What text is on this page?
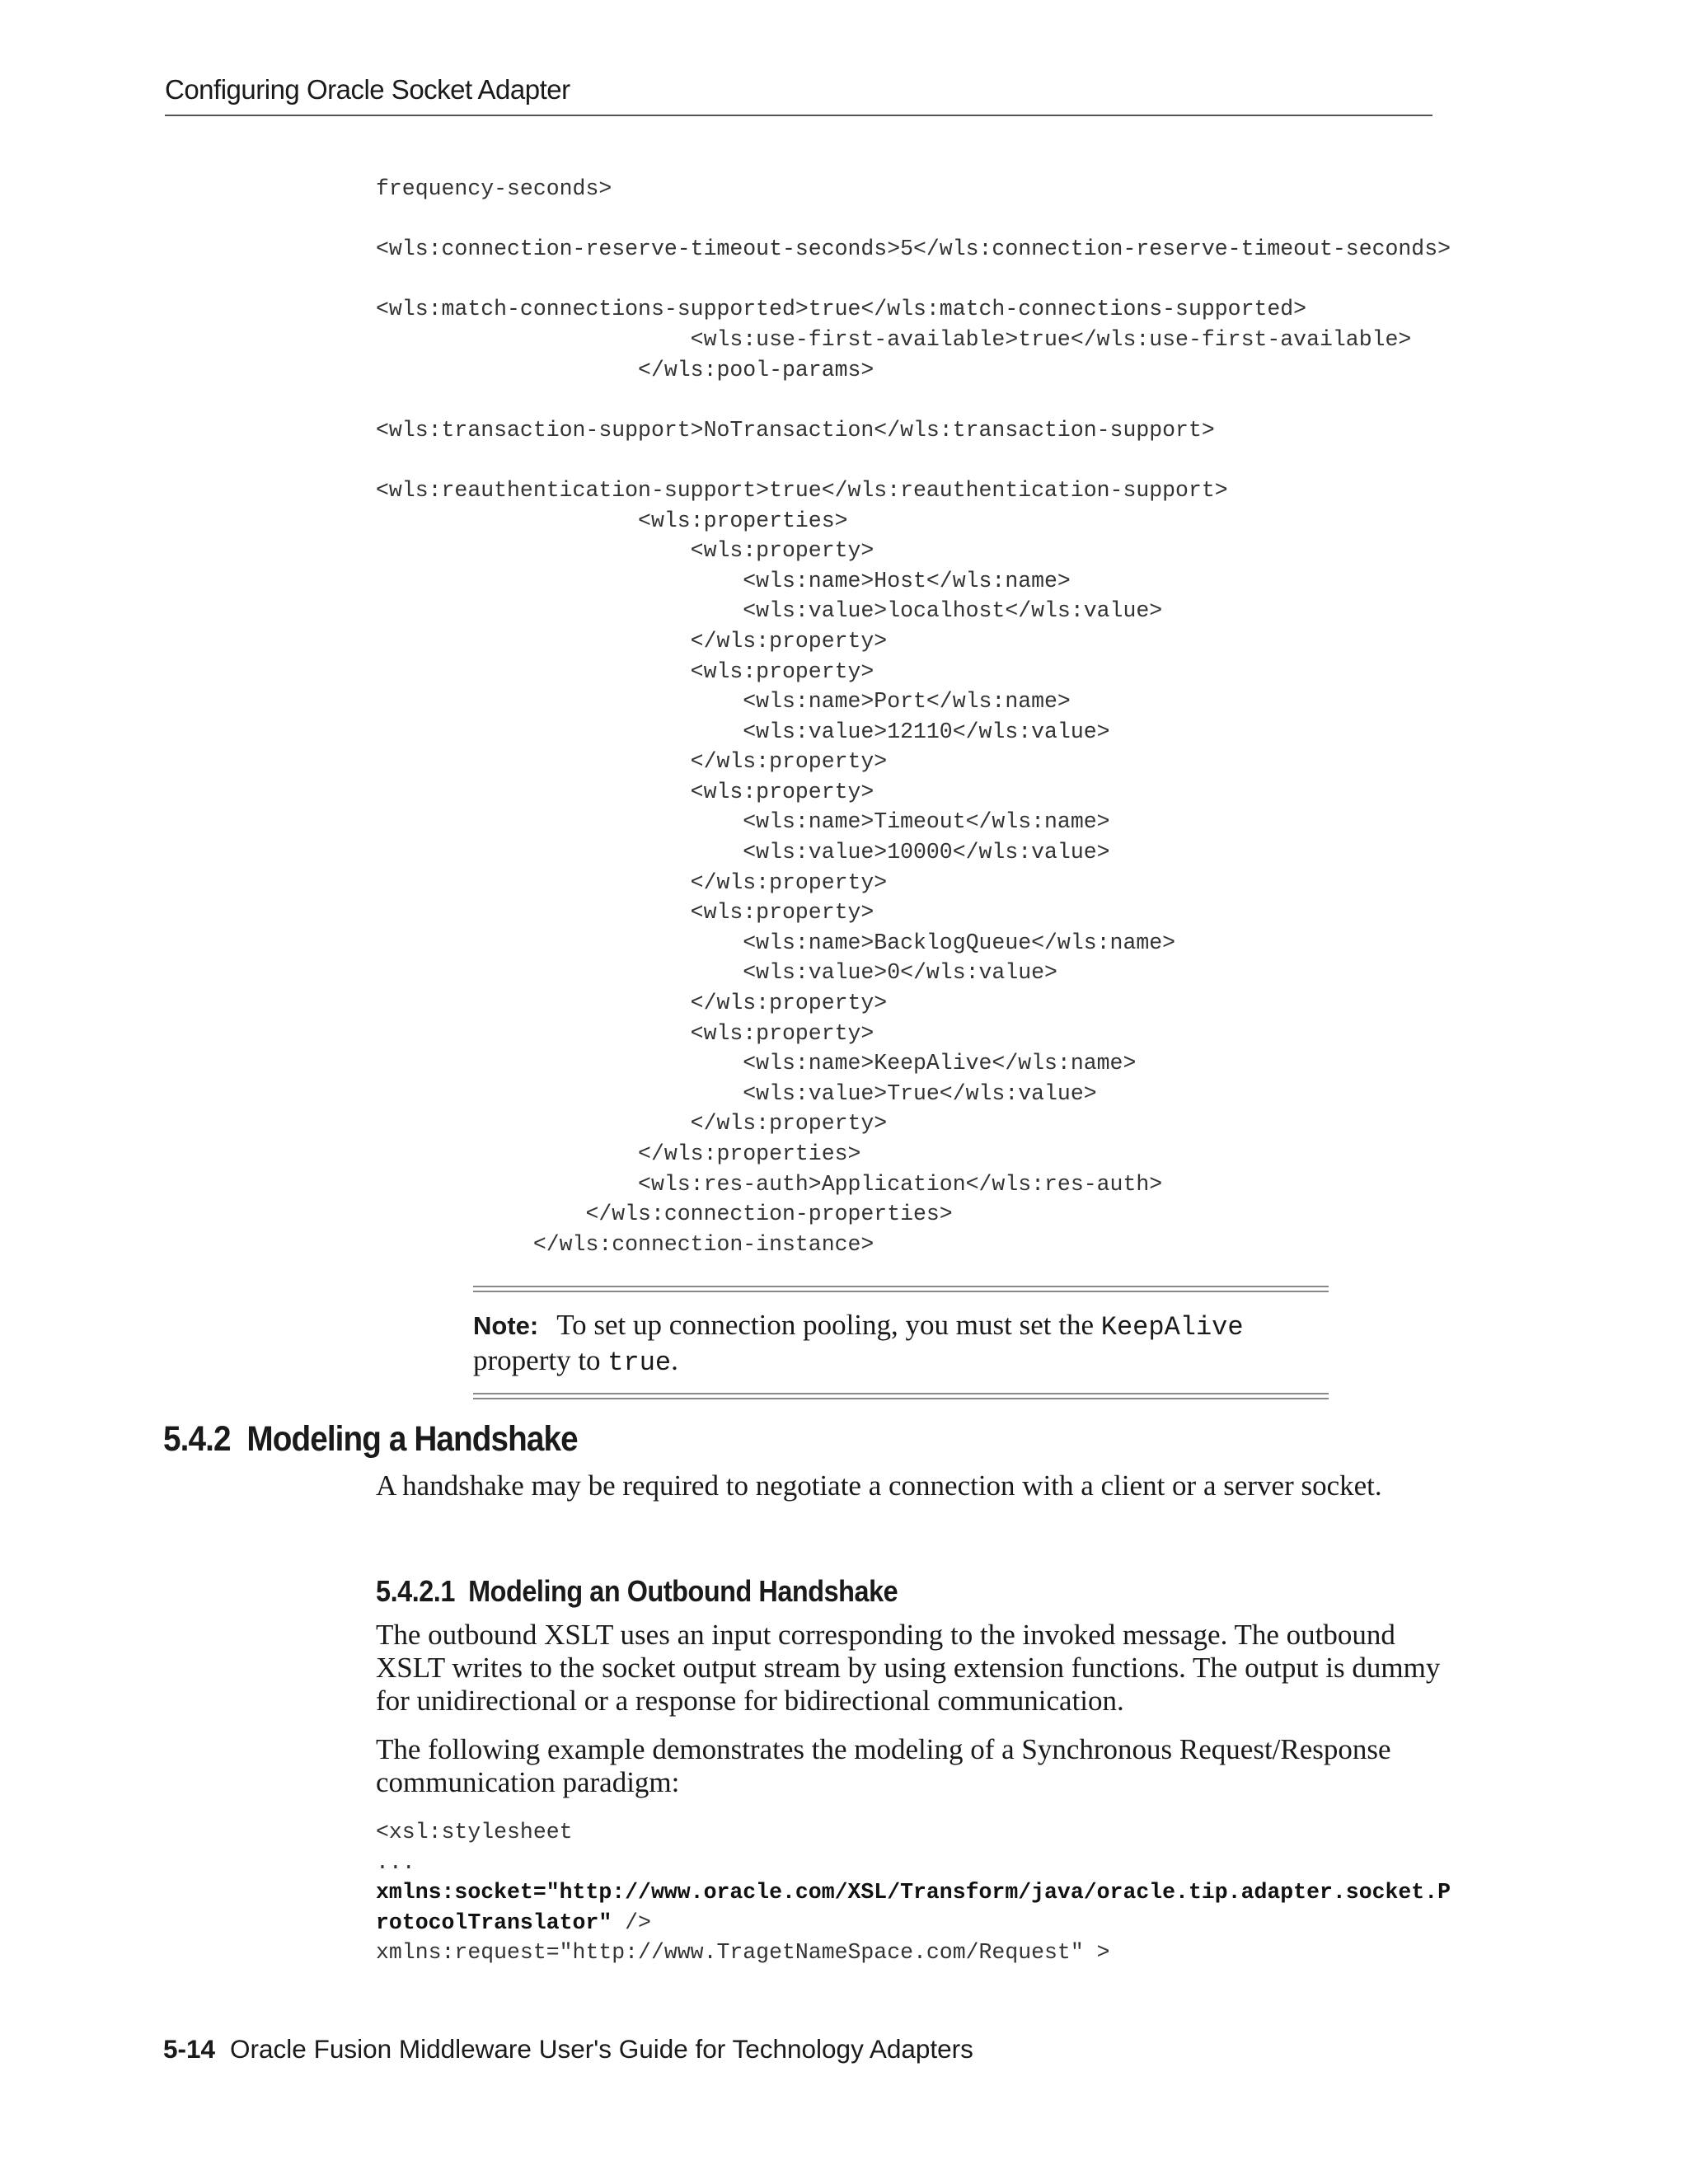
Configuring Oracle Socket Adapter
frequency-seconds>

<wls:connection-reserve-timeout-seconds>5</wls:connection-reserve-timeout-seconds>

<wls:match-connections-supported>true</wls:match-connections-supported>
<wls:use-first-available>true</wls:use-first-available>
</wls:pool-params>

<wls:transaction-support>NoTransaction</wls:transaction-support>

<wls:reauthentication-support>true</wls:reauthentication-support>
<wls:properties>
<wls:property>
<wls:name>Host</wls:name>
<wls:value>localhost</wls:value>
</wls:property>
<wls:property>
<wls:name>Port</wls:name>
<wls:value>12110</wls:value>
</wls:property>
<wls:property>
<wls:name>Timeout</wls:name>
<wls:value>10000</wls:value>
</wls:property>
<wls:property>
<wls:name>BacklogQueue</wls:name>
<wls:value>0</wls:value>
</wls:property>
<wls:property>
<wls:name>KeepAlive</wls:name>
<wls:value>True</wls:value>
</wls:property>
</wls:properties>
<wls:res-auth>Application</wls:res-auth>
</wls:connection-properties>
</wls:connection-instance>
Note: To set up connection pooling, you must set the KeepAlive
property to true.
5.4.2 Modeling a Handshake
A handshake may be required to negotiate a connection with a client or a server socket.
5.4.2.1 Modeling an Outbound Handshake
The outbound XSLT uses an input corresponding to the invoked message. The outbound XSLT writes to the socket output stream by using extension functions. The output is dummy for unidirectional or a response for bidirectional communication.
The following example demonstrates the modeling of a Synchronous Request/Response communication paradigm:
<xsl:stylesheet
...
xmlns:socket="http://www.oracle.com/XSL/Transform/java/oracle.tip.adapter.socket.P
rotocolTranslator" />
xmlns:request="http://www.TragetNameSpace.com/Request" >
5-14 Oracle Fusion Middleware User's Guide for Technology Adapters
